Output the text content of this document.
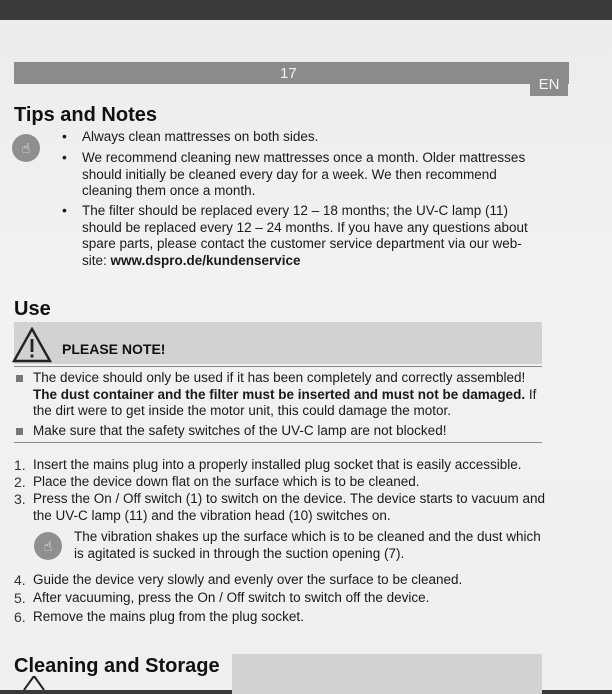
17
EN
Tips and Notes
☝
• Always clean mattresses on both sides.
• We recommend cleaning new mattresses once a month. Older mattresses
should initially be cleaned every day for a week. We then recommend
cleaning them once a month.
• The filter should be replaced every 12 – 18 months; the UV-C lamp (11)
should be replaced every 12 – 24 months. If you have any questions about
spare parts, please contact the customer service department via our web-
site: www.dspro.de/kundenservice
Use
PLEASE NOTE!
The device should only be used if it has been completely and correctly assembled!
The dust container and the filter must be inserted and must not be damaged. If
the dirt were to get inside the motor unit, this could damage the motor.
Make sure that the safety switches of the UV-C lamp are not blocked!
1. Insert the mains plug into a properly installed plug socket that is easily accessible.
2. Place the device down flat on the surface which is to be cleaned.
3. Press the On / Off switch (1) to switch on the device. The device starts to vacuum and
the UV-C lamp (11) and the vibration head (10) switches on.
☝
The vibration shakes up the surface which is to be cleaned and the dust which
is agitated is sucked in through the suction opening (7).
4. Guide the device very slowly and evenly over the surface to be cleaned.
5. After vacuuming, press the On / Off switch to switch off the device.
6. Remove the mains plug from the plug socket.
Cleaning and Storage
